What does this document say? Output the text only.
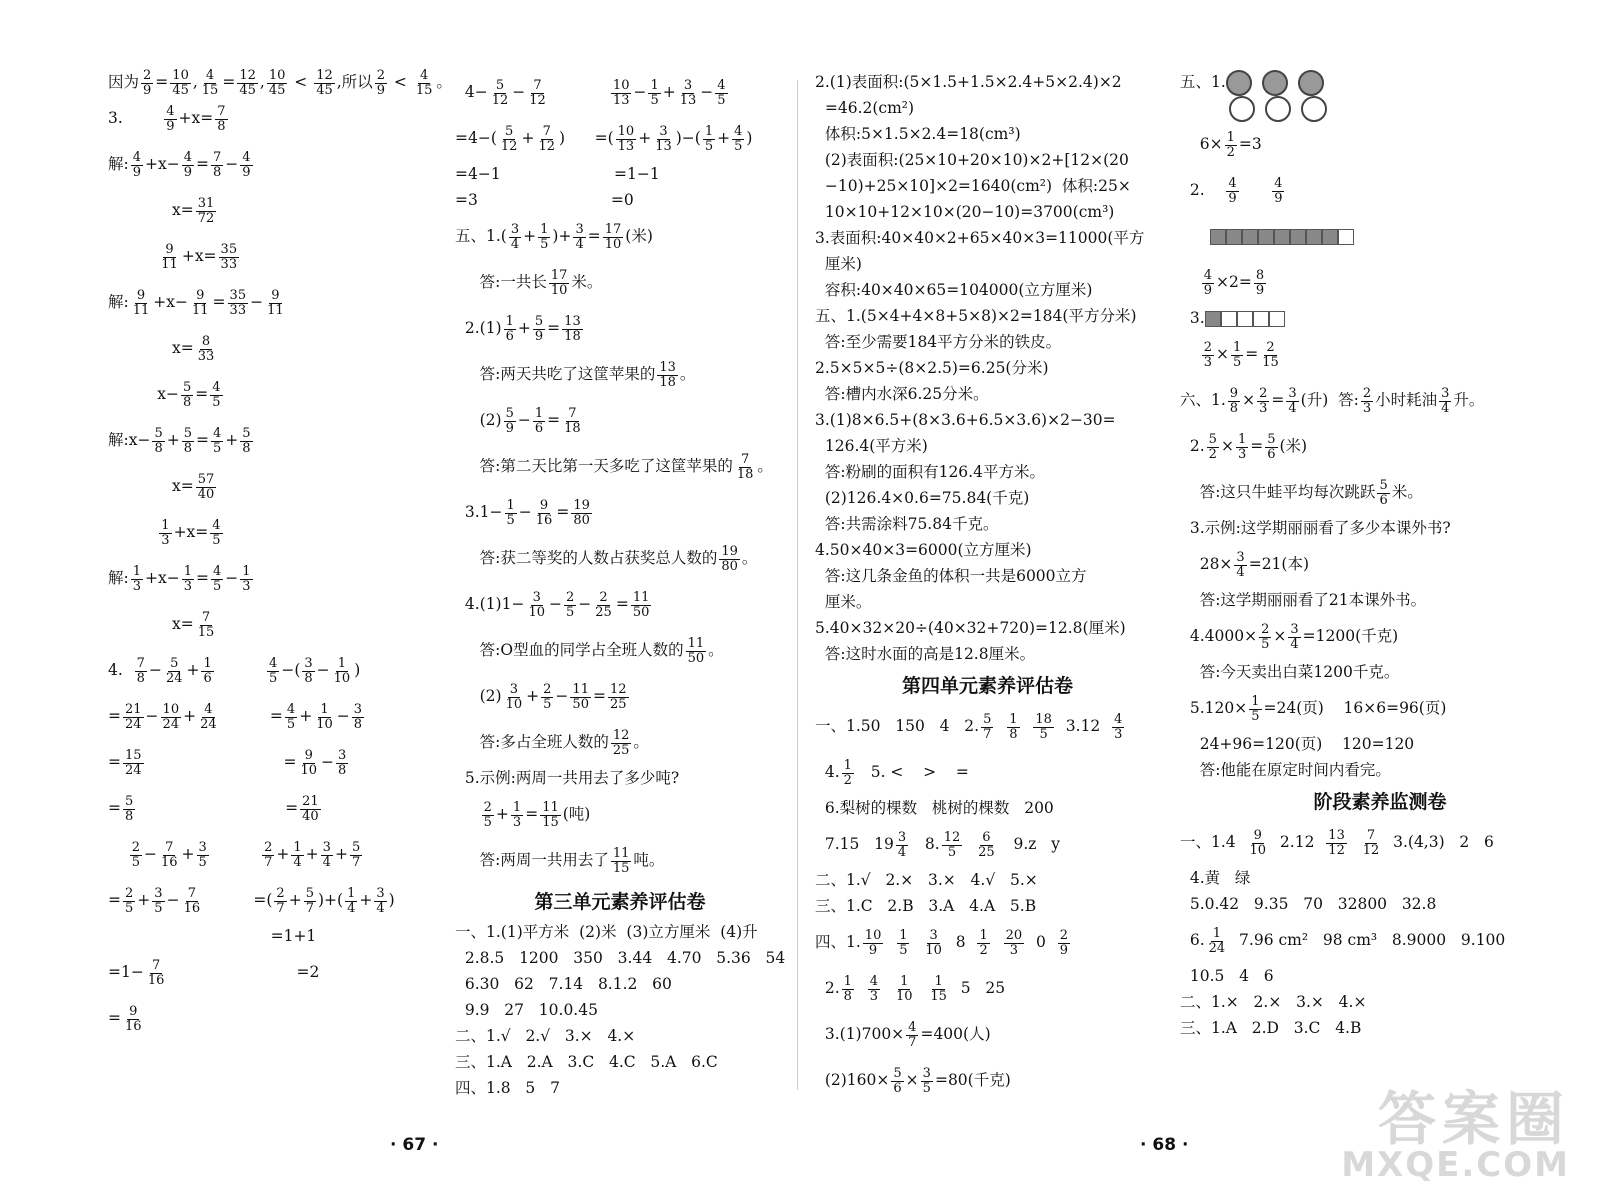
因为 $\frac{2}{9} = \frac{10}{45}$ , $\frac{4}{15} = \frac{12}{45}$ , $\frac{10}{45} < \frac{12}{45}$ ,所以 $\frac{2}{9} < \frac{4}{15}$ 。
3. $\frac{4}{9} +x= \frac{7}{8}$
解: $\frac{4}{9} +x- \frac{4}{9} = \frac{7}{8} - \frac{4}{9}$
$x= \frac{31}{72}$

$\frac{9}{11} +x= \frac{35}{33}$
解: $\frac{9}{11} +x- \frac{9}{11} = \frac{35}{33} - \frac{9}{11}$
$x= \frac{8}{33}$
$x- \frac{5}{8} = \frac{4}{5}$
解:x− $\frac{5}{8} + \frac{5}{8} = \frac{4}{5} + \frac{5}{8}$
$x= \frac{57}{40}$

$\frac{1}{3} +x= \frac{4}{5}$
解: $\frac{1}{3} +x- \frac{1}{3} = \frac{4}{5} - \frac{1}{3}$
$x= \frac{7}{15}$
4. $\frac{7}{8} - \frac{5}{24} + \frac{1}{6}$
	$\frac{4}{5}$ −( $\frac{3}{8} - \frac{1}{10}$ )
= $\frac{21}{24} - \frac{10}{24} + \frac{4}{24} = \frac{4}{5} + \frac{1}{10} - \frac{3}{8}$
= $\frac{15}{24} = \frac{9}{10} - \frac{3}{8}$
= $\frac{5}{8} = \frac{21}{40}$

$\frac{2}{5} - \frac{7}{16} + \frac{3}{5}$
	$\frac{2}{7} + \frac{1}{4} + \frac{3}{4} + \frac{5}{7}$
= $\frac{2}{5} + \frac{3}{5} - \frac{7}{16}$ =( $\frac{2}{7} + \frac{5}{7}$ )+( $\frac{1}{4} + \frac{3}{4}$ )
=1+1
$=1- \frac{7}{16} =2$
= $\frac{9}{16}$
$4- \frac{5}{12} - \frac{7}{12}$
	$\frac{10}{13} - \frac{1}{5} + \frac{3}{13} - \frac{4}{5}$
$=4-( \frac{5}{12} + \frac{7}{12}$ )      =( $\frac{10}{13} + \frac{3}{13}$ )−( $\frac{1}{5} + \frac{4}{5}$ )
=4−1                       =1−1
=3                           =0
五、$1.( \frac{3}{4} + \frac{1}{5}$ )+ $\frac{3}{4} = \frac{17}{10}$ (米)
答:一共长 $\frac{17}{10}$ 米。
$2.(1) \frac{1}{6} + \frac{5}{9} = \frac{13}{18}$
答:两天共吃了这筐苹果的 $\frac{13}{18}$ 。
$(2) \frac{5}{9} - \frac{1}{6} = \frac{7}{18}$
答:第二天比第一天多吃了这筐苹果的 $\frac{7}{18}$ 。
$3.1- \frac{1}{5} - \frac{9}{16} = \frac{19}{80}$
答:获二等奖的人数占获奖总人数的 $\frac{19}{80}$ 。
$4.(1)1- \frac{3}{10} - \frac{2}{5} - \frac{2}{25} = \frac{11}{50}$
答:O型血的同学占全班人数的 $\frac{11}{50}$ 。
$(2) \frac{3}{10} + \frac{2}{5} - \frac{11}{50} = \frac{12}{25}$
答:多占全班人数的 $\frac{12}{25}$ 。
5.示例:两周一共用去了多少吨?

$\frac{2}{5} + \frac{1}{3} = \frac{11}{15}$ (吨)
答:两周一共用去了 $\frac{11}{15}$ 吨。
第三单元素养评估卷
一、1.(1)平方米  (2)米  (3)立方厘米  (4)升
2.8.5   1200   350   3.44   4.70   5.36   54
6.30   62   7.14   8.1.2   60
9.9   27   10.0.45
二、1.√   2.√   3.×   4.×
三、1.A   2.A   3.C   4.C   5.A   6.C
四、1.8   5   7
2.(1)表面积:(5×1.5+1.5×2.4+5×2.4)×2
=46.2(cm²)
体积:5×1.5×2.4=18(cm³)
(2)表面积:(25×10+20×10)×2+[12×(20
−10)+25×10]×2=1640(cm²)  体积:25×
10×10+12×10×(20−10)=3700(cm³)
3.表面积:40×40×2+65×40×3=11000(平方
厘米)
容积:40×40×65=104000(立方厘米)
五、1.(5×4+4×8+5×8)×2=184(平方分米)
答:至少需要184平方分米的铁皮。
2.5×5×5÷(8×2.5)=6.25(分米)
答:槽内水深6.25分米。
3.(1)8×6.5+(8×3.6+6.5×3.6)×2−30=
126.4(平方米)
答:粉刷的面积有126.4平方米。
(2)126.4×0.6=75.84(千克)
答:共需涂料75.84千克。
4.50×40×3=6000(立方厘米)
答:这几条金鱼的体积一共是6000立方
厘米。
5.40×32×20÷(40×32+720)=12.8(厘米)
答:这时水面的高是12.8厘米。
第四单元素养评估卷
一、1.50   150   4   2. $\frac{5}{7}$
$\frac{1}{8}$
$\frac{18}{5} 3.12 \frac{4}{3}$
4. $\frac{1}{2} 5$. <    >    =
6.梨树的棵数   桃树的棵数   200
7.15   $19 \frac{3}{4} 8$. $\frac{12}{5}$
$\frac{6}{25} 9.z$   y
二、1.√   2.×   3.×   4.√   5.×
三、1.C   2.B   3.A   4.A   5.B
四、1. $\frac{10}{9}$
$\frac{1}{5}$
$\frac{3}{10} 8 \frac{1}{2}$
$\frac{20}{3} 0 \frac{2}{9}$
2. $\frac{1}{8}$
$\frac{4}{3}$
$\frac{1}{10}$
$\frac{1}{15} 5$   25
$3.(1)700\times \frac{4}{7} =400$(人)
$(2)160\times \frac{5}{6} \times \frac{3}{5} =80$(千克)
五、1.

$6\times \frac{1}{2} =3$
2. $\frac{4}{9}$
	$\frac{4}{9}$

$\frac{4}{9} \times 2= \frac{8}{9}$
3.

$\frac{2}{3} \times \frac{1}{5} = \frac{2}{15}$
六、1. $\frac{9}{8} \times \frac{2}{3} = \frac{3}{4}$ (升)  答: $\frac{2}{3}$ 小时耗油 $\frac{3}{4}$ 升。
2. $\frac{5}{2} \times \frac{1}{3} = \frac{5}{6}$ (米)
答:这只牛蛙平均每次跳跃 $\frac{5}{6}$ 米。
3.示例:这学期丽丽看了多少本课外书?
$28\times \frac{3}{4} =21$(本)
答:这学期丽丽看了21本课外书。
$4.4000\times \frac{2}{5} \times \frac{3}{4} =1200$(千克)
答:今天卖出白菜1200千克。
$5.120\times \frac{1}{5} =24$(页)    16×6=96(页)
24+96=120(页)    120=120
答:他能在原定时间内看完。
阶段素养监测卷
一、$1.4 \frac{9}{10} 2.12 \frac{13}{12}$
$\frac{7}{12} 3.(4,3)$   2   6
4.黄   绿
5.0.42   9.35   70   32800   32.8
6. $\frac{1}{24} 7.96$ cm²   98 cm³   8.9000   9.100
10.5   4   6
二、1.×   2.×   3.×   4.×
三、1.A   2.D   3.C   4.B
· 67 ·	· 68 ·	答案圈
MXQE.COM
